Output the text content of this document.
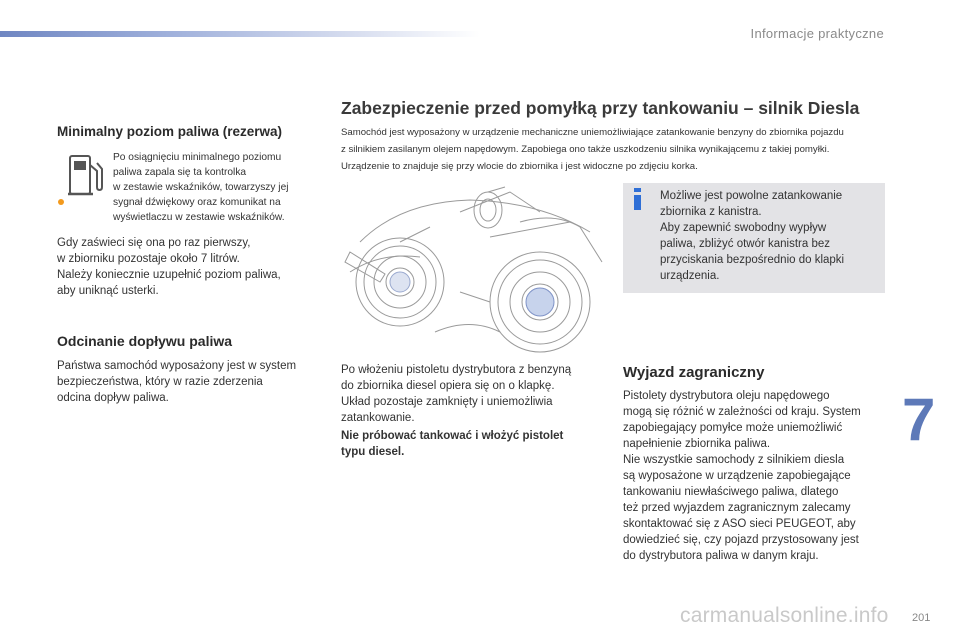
Informacje praktyczne
Minimalny poziom paliwa (rezerwa)
Po osiągnięciu minimalnego poziomu
paliwa zapala się ta kontrolka
w zestawie wskaźników, towarzyszy jej
sygnał dźwiękowy oraz komunikat na
wyświetlaczu w zestawie wskaźników.
Gdy zaświeci się ona po raz pierwszy,
w zbiorniku pozostaje około 7 litrów.
Należy koniecznie uzupełnić poziom paliwa,
aby uniknąć usterki.
Odcinanie dopływu paliwa
Państwa samochód wyposażony jest w system
bezpieczeństwa, który w razie zderzenia
odcina dopływ paliwa.
Zabezpieczenie przed pomyłką przy tankowaniu – silnik Diesla
Samochód jest wyposażony w urządzenie mechaniczne uniemożliwiające zatankowanie benzyny do zbiornika pojazdu
z silnikiem zasilanym olejem napędowym. Zapobiega ono także uszkodzeniu silnika wynikającemu z takiej pomyłki.
Urządzenie to znajduje się przy wlocie do zbiornika i jest widoczne po zdjęciu korka.
Po włożeniu pistoletu dystrybutora z benzyną
do zbiornika diesel opiera się on o klapkę.
Układ pozostaje zamknięty i uniemożliwia
zatankowanie.
Nie próbować tankować i włożyć pistolet
typu diesel.
Możliwe jest powolne zatankowanie
zbiornika z kanistra.
Aby zapewnić swobodny wypływ
paliwa, zbliżyć otwór kanistra bez
przyciskania bezpośrednio do klapki
urządzenia.
Wyjazd zagraniczny
Pistolety dystrybutora oleju napędowego
mogą się różnić w zależności od kraju. System
zapobiegający pomyłce może uniemożliwić
napełnienie zbiornika paliwa.
Nie wszystkie samochody z silnikiem diesla
są wyposażone w urządzenie zapobiegające
tankowaniu niewłaściwego paliwa, dlatego
też przed wyjazdem zagranicznym zalecamy
skontaktować się z ASO sieci PEUGEOT, aby
dowiedzieć się, czy pojazd przystosowany jest
do dystrybutora paliwa w danym kraju.
7
carmanualsonline.info 201
